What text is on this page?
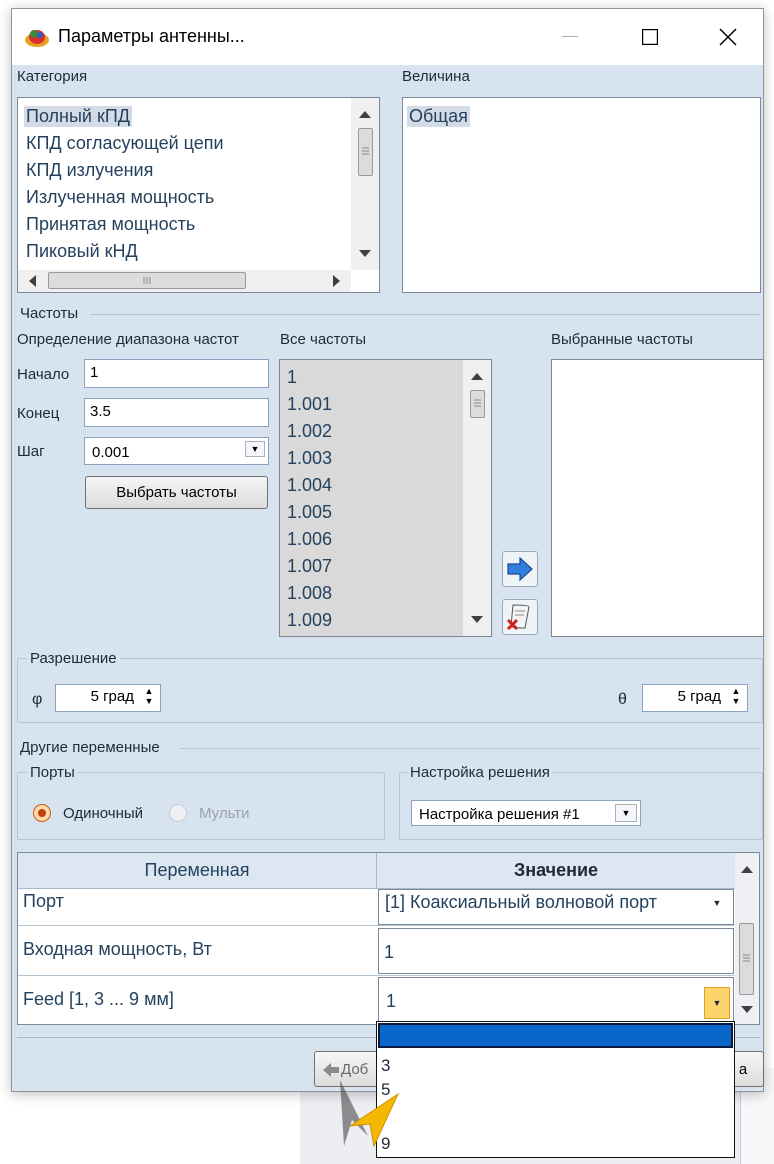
Параметры антенны...
Категория
Полный кПД
КПД согласующей цепи
КПД излучения
Излученная мощность
Принятая мощность
Пиковый кНД
Величина
Общая
Частоты
Определение диапазона частот
Начало	1
Конец	3.5
Шаг	0.001	▼
Выбрать частоты
Все частоты
1
1.001
1.002
1.003
1.004
1.005
1.006
1.007
1.008
1.009
Выбранные частоты
Разрешение
φ	5 град ▲
▼	θ	5 град ▲
▼
Другие переменные
Порты
Одиночный	Мульти
Настройка решения
Настройка решения #1	▼
Переменная	Значение
Порт	[1] Коаксиальный волновой порт	▼
Входная мощность, Вт	1
Feed [1, 3 ... 9 мм]	1	▼
Доб	a
1
3
5
9
